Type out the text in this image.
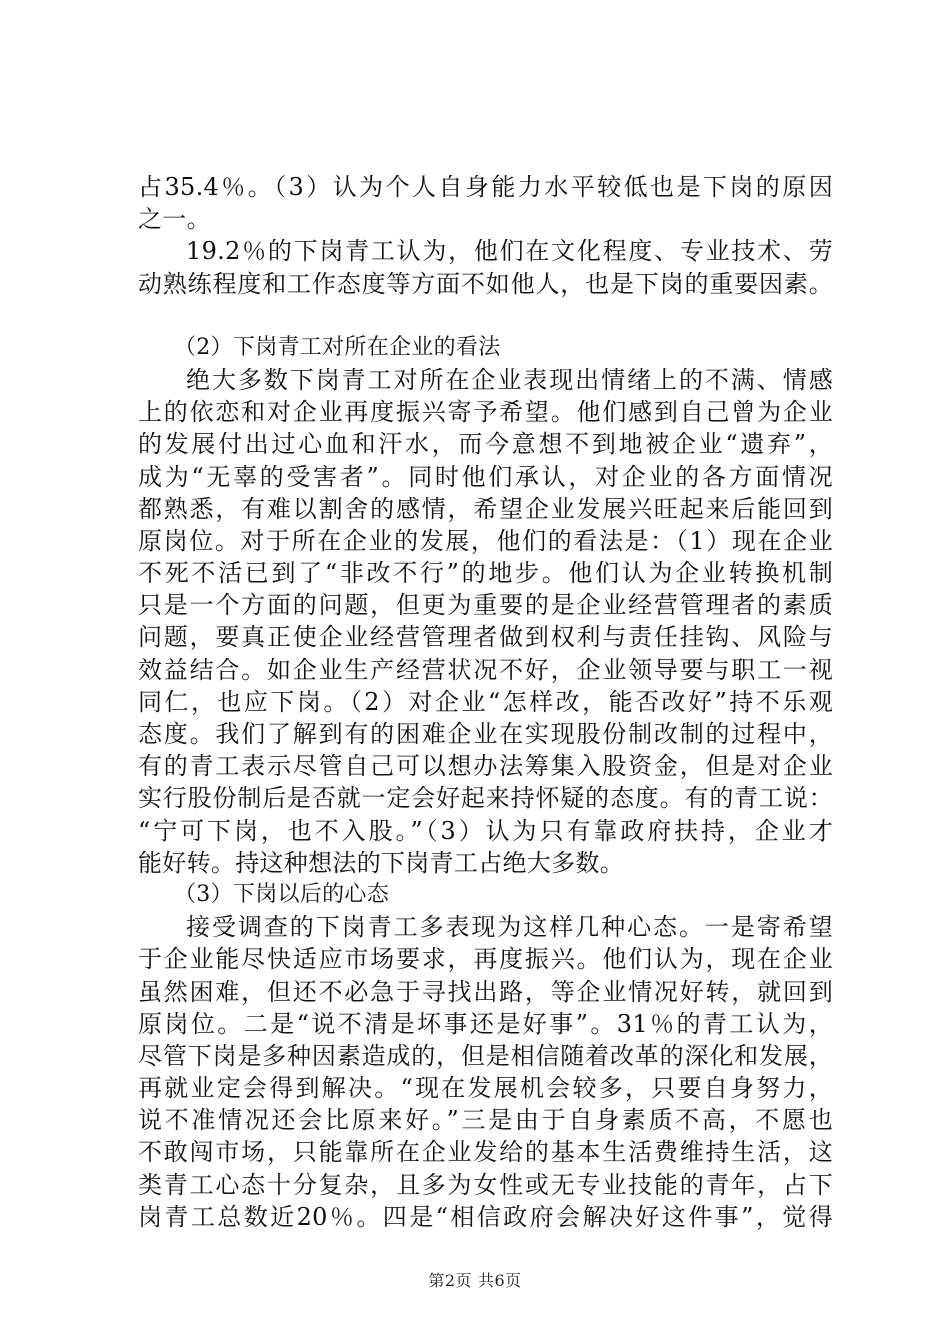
占35.4％。（3）认为个人自身能力水平较低也是下岗的原因
之一。
19.2％的下岗青工认为，他们在文化程度、专业技术、劳
动熟练程度和工作态度等方面不如他人，也是下岗的重要因素。
（2）下岗青工对所在企业的看法
绝大多数下岗青工对所在企业表现出情绪上的不满、情感
上的依恋和对企业再度振兴寄予希望。他们感到自己曾为企业
的发展付出过心血和汗水，而今意想不到地被企业“遗弃”，
成为“无辜的受害者”。同时他们承认，对企业的各方面情况
都熟悉，有难以割舍的感情，希望企业发展兴旺起来后能回到
原岗位。对于所在企业的发展，他们的看法是：（1）现在企业
不死不活已到了“非改不行”的地步。他们认为企业转换机制
只是一个方面的问题，但更为重要的是企业经营管理者的素质
问题，要真正使企业经营管理者做到权利与责任挂钩、风险与
效益结合。如企业生产经营状况不好，企业领导要与职工一视
同仁，也应下岗。（2）对企业“怎样改，能否改好”持不乐观
态度。我们了解到有的困难企业在实现股份制改制的过程中，
有的青工表示尽管自己可以想办法筹集入股资金，但是对企业
实行股份制后是否就一定会好起来持怀疑的态度。有的青工说：
“宁可下岗，也不入股。”（3）认为只有靠政府扶持，企业才
能好转。持这种想法的下岗青工占绝大多数。
（3）下岗以后的心态
接受调查的下岗青工多表现为这样几种心态。一是寄希望
于企业能尽快适应市场要求，再度振兴。他们认为，现在企业
虽然困难，但还不必急于寻找出路，等企业情况好转，就回到
原岗位。二是“说不清是坏事还是好事”。31％的青工认为，
尽管下岗是多种因素造成的，但是相信随着改革的深化和发展，
再就业定会得到解决。“现在发展机会较多，只要自身努力，
说不准情况还会比原来好。”三是由于自身素质不高，不愿也
不敢闯市场，只能靠所在企业发给的基本生活费维持生活，这
类青工心态十分复杂，且多为女性或无专业技能的青年，占下
岗青工总数近20％。四是“相信政府会解决好这件事”，觉得
第2页 共6页
